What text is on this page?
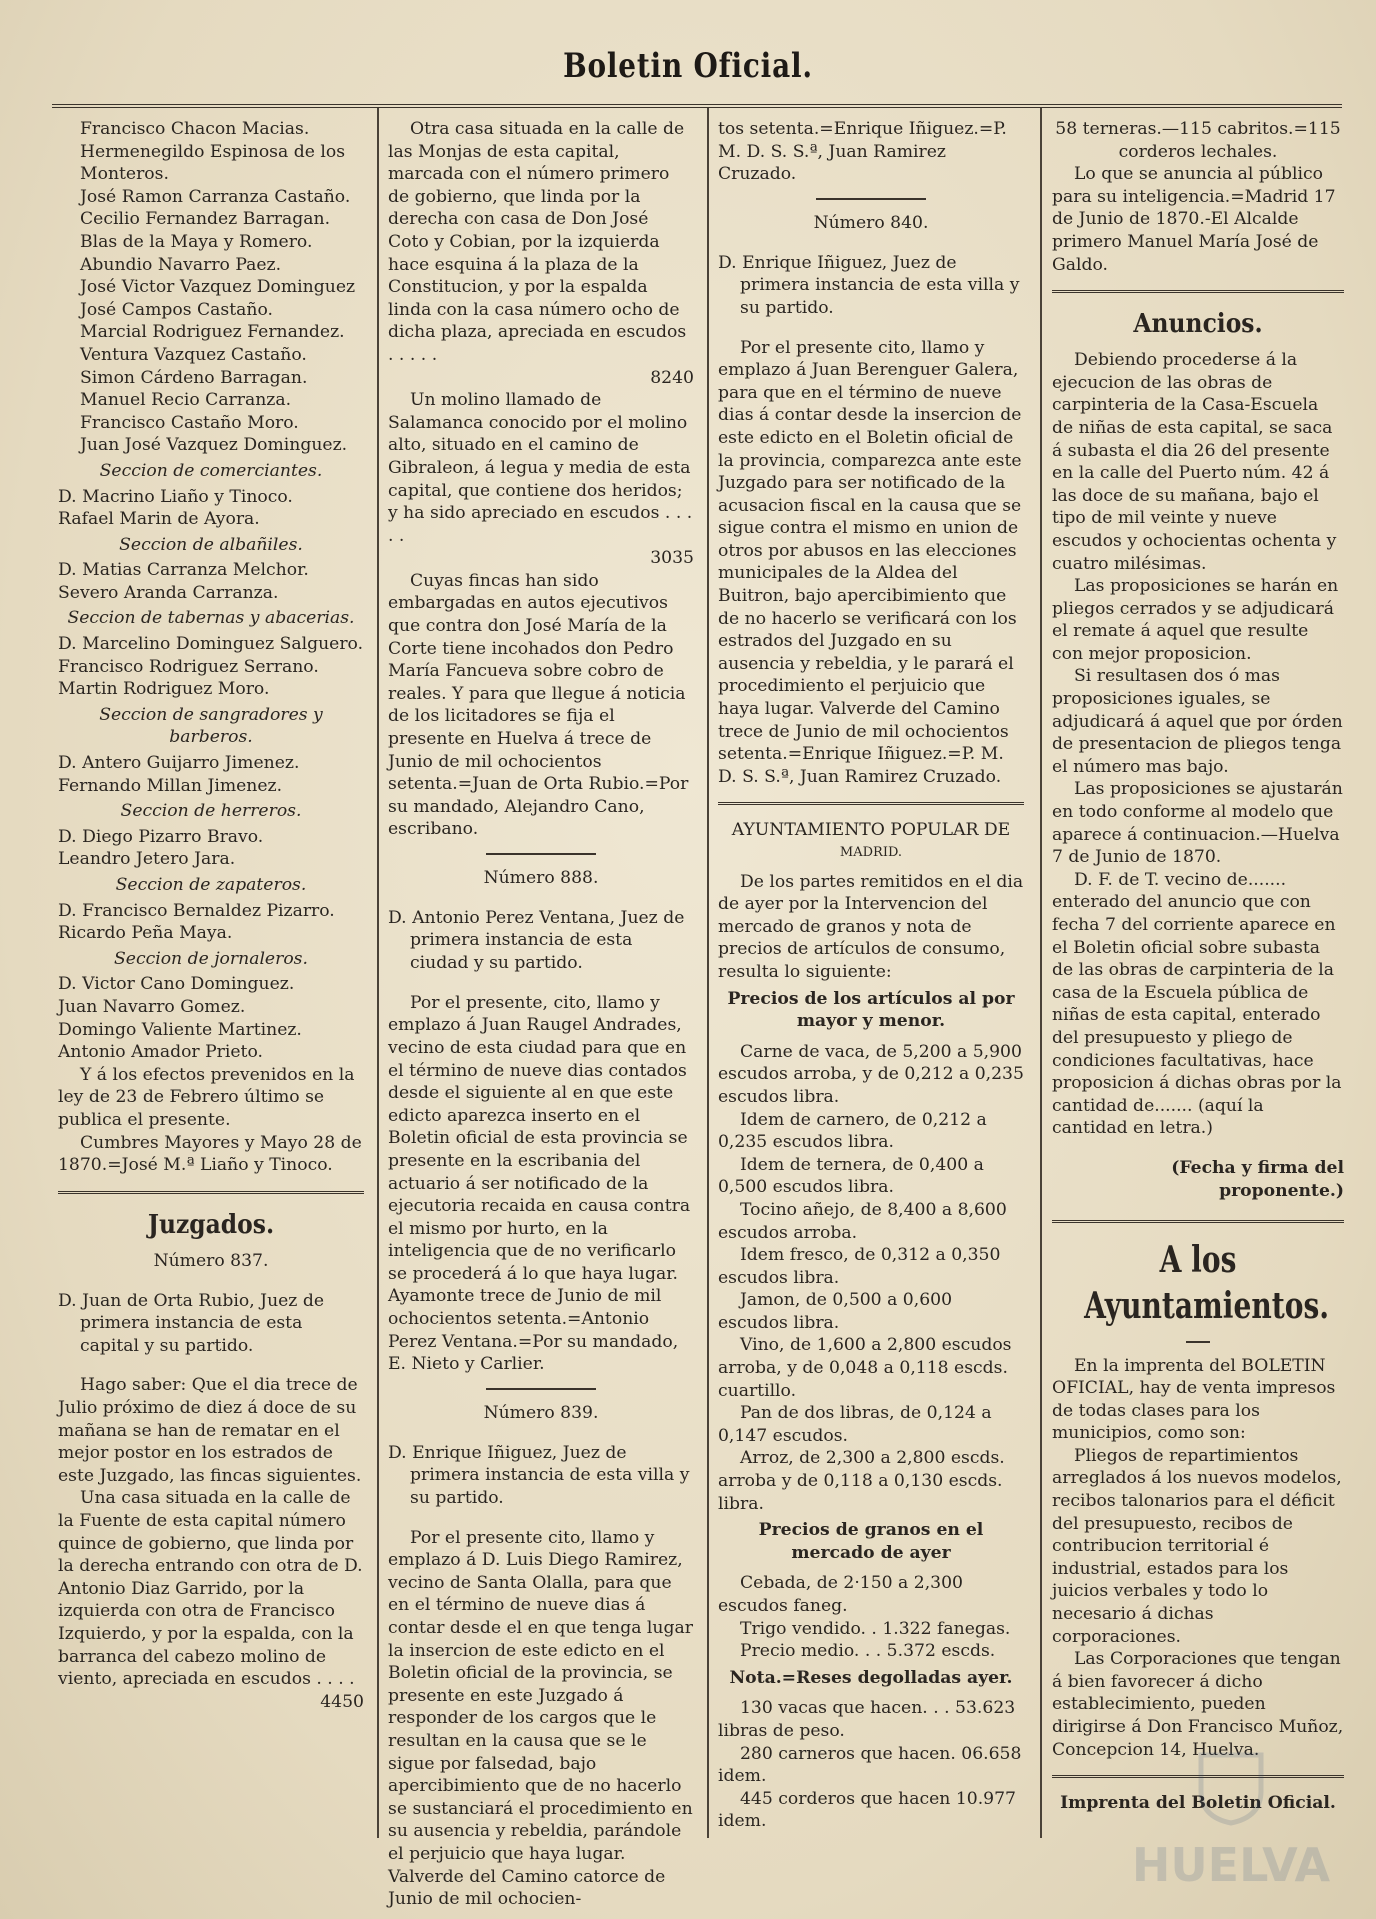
Boletin Oficial.

Francisco Chacon Macias.

Hermenegildo Espinosa de los

Monteros.

José Ramon Carranza Castaño.

Cecilio Fernandez Barragan.

Blas de la Maya y Romero.

Abundio Navarro Paez.

José Victor Vazquez Dominguez

José Campos Castaño.

Marcial Rodriguez Fernandez.

Ventura Vazquez Castaño.

Simon Cárdeno Barragan.

Manuel Recio Carranza.

Francisco Castaño Moro.

Juan José Vazquez Dominguez.

Seccion de comerciantes.

D. Macrino Liaño y Tinoco.

Rafael Marin de Ayora.

Seccion de albañiles.

D. Matias Carranza Melchor.

Severo Aranda Carranza.

Seccion de tabernas y abacerias.

D. Marcelino Dominguez Salguero.

Francisco Rodriguez Serrano.

Martin Rodriguez Moro.

Seccion de sangradores y barberos.

D. Antero Guijarro Jimenez.

Fernando Millan Jimenez.

Seccion de herreros.

D. Diego Pizarro Bravo.

Leandro Jetero Jara.

Seccion de zapateros.

D. Francisco Bernaldez Pizarro.

Ricardo Peña Maya.

Seccion de jornaleros.

D. Victor Cano Dominguez.

Juan Navarro Gomez.

Domingo Valiente Martinez.

Antonio Amador Prieto.

Y á los efectos prevenidos en la ley de 23 de Febrero último se publica el presente.

Cumbres Mayores y Mayo 28 de 1870.=José M.ª Liaño y Tinoco.

Juzgados.
Número 837.

D. Juan de Orta Rubio, Juez de primera instancia de esta capital y su partido.

Hago saber: Que el dia trece de Julio próximo de diez á doce de su mañana se han de rematar en el mejor postor en los estrados de este Juzgado, las fincas siguientes.

Una casa situada en la calle de la Fuente de esta capital número quince de gobierno, que linda por la derecha entrando con otra de D. Antonio Diaz Garrido, por la izquierda con otra de Francisco Izquierdo, y por la espalda, con la barranca del cabezo molino de viento, apreciada en escudos . . . .

4450

Otra casa situada en la calle de las Monjas de esta capital, marcada con el número primero de gobierno, que linda por la derecha con casa de Don José Coto y Cobian, por la izquierda hace esquina á la plaza de la Constitucion, y por la espalda linda con la casa número ocho de dicha plaza, apreciada en escudos . . . . .

8240

Un molino llamado de Salamanca conocido por el molino alto, situado en el camino de Gibraleon, á legua y media de esta capital, que contiene dos heridos; y ha sido apreciado en escudos . . . . .

3035

Cuyas fincas han sido embargadas en autos ejecutivos que contra don José María de la Corte tiene incohados don Pedro María Fancueva sobre cobro de reales. Y para que llegue á noticia de los licitadores se fija el presente en Huelva á trece de Junio de mil ochocientos setenta.=Juan de Orta Rubio.=Por su mandado, Alejandro Cano, escribano.

Número 888.

D. Antonio Perez Ventana, Juez de primera instancia de esta ciudad y su partido.

Por el presente, cito, llamo y emplazo á Juan Raugel Andrades, vecino de esta ciudad para que en el término de nueve dias contados desde el siguiente al en que este edicto aparezca inserto en el Boletin oficial de esta provincia se presente en la escribania del actuario á ser notificado de la ejecutoria recaida en causa contra el mismo por hurto, en la inteligencia que de no verificarlo se procederá á lo que haya lugar. Ayamonte trece de Junio de mil ochocientos setenta.=Antonio Perez Ventana.=Por su mandado, E. Nieto y Carlier.

Número 839.

D. Enrique Iñiguez, Juez de primera instancia de esta villa y su partido.

Por el presente cito, llamo y emplazo á D. Luis Diego Ramirez, vecino de Santa Olalla, para que en el término de nueve dias á contar desde el en que tenga lugar la insercion de este edicto en el Boletin oficial de la provincia, se presente en este Juzgado á responder de los cargos que le resultan en la causa que se le sigue por falsedad, bajo apercibimiento que de no hacerlo se sustanciará el procedimiento en su ausencia y rebeldia, parándole el perjuicio que haya lugar. Valverde del Camino catorce de Junio de mil ochocien-

tos setenta.=Enrique Iñiguez.=P. M. D. S. S.ª, Juan Ramirez Cruzado.

Número 840.

D. Enrique Iñiguez, Juez de primera instancia de esta villa y su partido.

Por el presente cito, llamo y emplazo á Juan Berenguer Galera, para que en el término de nueve dias á contar desde la insercion de este edicto en el Boletin oficial de la provincia, comparezca ante este Juzgado para ser notificado de la acusacion fiscal en la causa que se sigue contra el mismo en union de otros por abusos en las elecciones municipales de la Aldea del Buitron, bajo apercibimiento que de no hacerlo se verificará con los estrados del Juzgado en su ausencia y rebeldia, y le parará el procedimiento el perjuicio que haya lugar. Valverde del Camino trece de Junio de mil ochocientos setenta.=Enrique Iñiguez.=P. M. D. S. S.ª, Juan Ramirez Cruzado.

AYUNTAMIENTO POPULAR DE
MADRID.

De los partes remitidos en el dia de ayer por la Intervencion del mercado de granos y nota de precios de artículos de consumo, resulta lo siguiente:

Precios de los artículos al por mayor y menor.

Carne de vaca, de 5,200 a 5,900 escudos arroba, y de 0,212 a 0,235 escudos libra.

Idem de carnero, de 0,212 a 0,235 escudos libra.

Idem de ternera, de 0,400 a 0,500 escudos libra.

Tocino añejo, de 8,400 a 8,600 escudos arroba.

Idem fresco, de 0,312 a 0,350 escudos libra.

Jamon, de 0,500 a 0,600 escudos libra.

Vino, de 1,600 a 2,800 escudos arroba, y de 0,048 a 0,118 escds. cuartillo.

Pan de dos libras, de 0,124 a 0,147 escudos.

Arroz, de 2,300 a 2,800 escds. arroba y de 0,118 a 0,130 escds. libra.

Precios de granos en el mercado de ayer

Cebada, de 2·150 a 2,300 escudos faneg.

Trigo vendido. . 1.322 fanegas.

Precio medio. . . 5.372 escds.

Nota.=Reses degolladas ayer.

130 vacas que hacen. . . 53.623 libras de peso.

280 carneros que hacen. 06.658 idem.

445 corderos que hacen 10.977 idem.

58 terneras.—115 cabritos.=115 corderos lechales.

Lo que se anuncia al público para su inteligencia.=Madrid 17 de Junio de 1870.-El Alcalde primero Manuel María José de Galdo.

Anuncios.

Debiendo procederse á la ejecucion de las obras de carpinteria de la Casa-Escuela de niñas de esta capital, se saca á subasta el dia 26 del presente en la calle del Puerto núm. 42 á las doce de su mañana, bajo el tipo de mil veinte y nueve escudos y ochocientas ochenta y cuatro milésimas.

Las proposiciones se harán en pliegos cerrados y se adjudicará el remate á aquel que resulte con mejor proposicion.

Si resultasen dos ó mas proposiciones iguales, se adjudicará á aquel que por órden de presentacion de pliegos tenga el número mas bajo.

Las proposiciones se ajustarán en todo conforme al modelo que aparece á continuacion.—Huelva 7 de Junio de 1870.

D. F. de T. vecino de....... enterado del anuncio que con fecha 7 del corriente aparece en el Boletin oficial sobre subasta de las obras de carpinteria de la casa de la Escuela pública de niñas de esta capital, enterado del presupuesto y pliego de condiciones facultativas, hace proposicion á dichas obras por la cantidad de....... (aquí la cantidad en letra.)

(Fecha y firma del proponente.)

A los Ayuntamientos.

En la imprenta del BOLETIN OFICIAL, hay de venta impresos de todas clases para los municipios, como son:

Pliegos de repartimientos arreglados á los nuevos modelos, recibos talonarios para el déficit del presupuesto, recibos de contribucion territorial é industrial, estados para los juicios verbales y todo lo necesario á dichas corporaciones.

Las Corporaciones que tengan á bien favorecer á dicho establecimiento, pueden dirigirse á Don Francisco Muñoz, Concepcion 14, Huelva.

Imprenta del Boletin Oficial.

HUELVA
